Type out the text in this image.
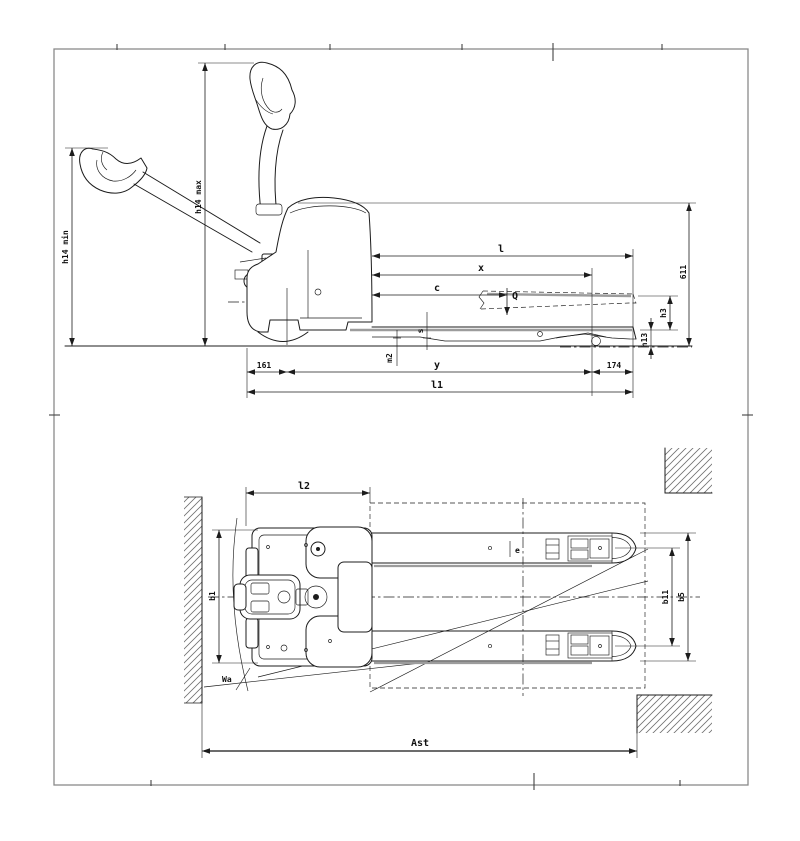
h14 min
h14 max
l
x
c
Q
611
h3
h13
s
m2
161	y	174
l1
l2
b1	b11 b5
e
Wa
Ast
